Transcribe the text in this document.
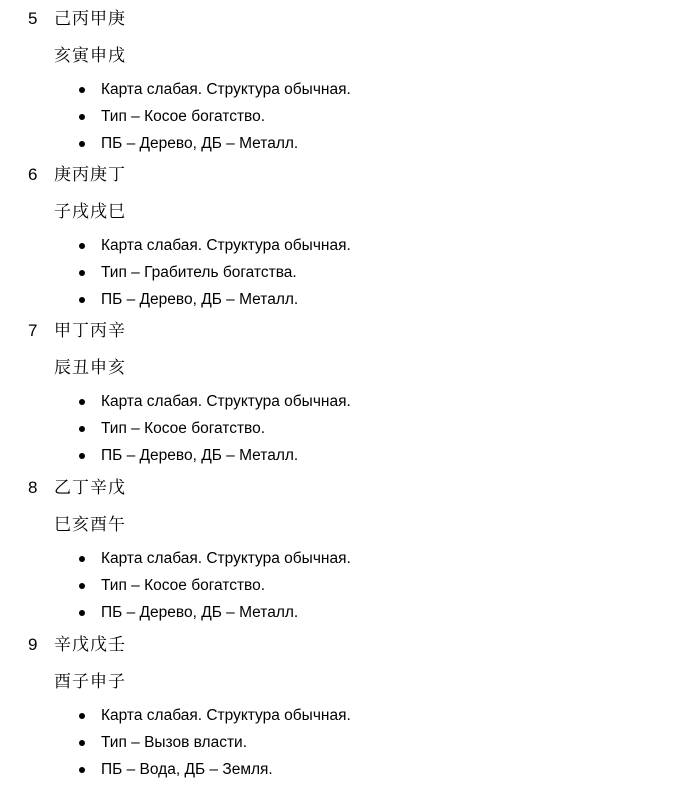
5 己丙甲庚
亥寅申戌
Карта слабая. Структура обычная.
Тип – Косое богатство.
ПБ – Дерево, ДБ – Металл.
6 庚丙庚丁
子戌戌巳
Карта слабая. Структура обычная.
Тип – Грабитель богатства.
ПБ – Дерево, ДБ – Металл.
7 甲丁丙辛
辰丑申亥
Карта слабая. Структура обычная.
Тип – Косое богатство.
ПБ – Дерево, ДБ – Металл.
8 乙丁辛戊
巳亥酉午
Карта слабая. Структура обычная.
Тип – Косое богатство.
ПБ – Дерево, ДБ – Металл.
9 辛戊戊壬
酉子申子
Карта слабая. Структура обычная.
Тип – Вызов власти.
ПБ – Вода, ДБ – Земля.
